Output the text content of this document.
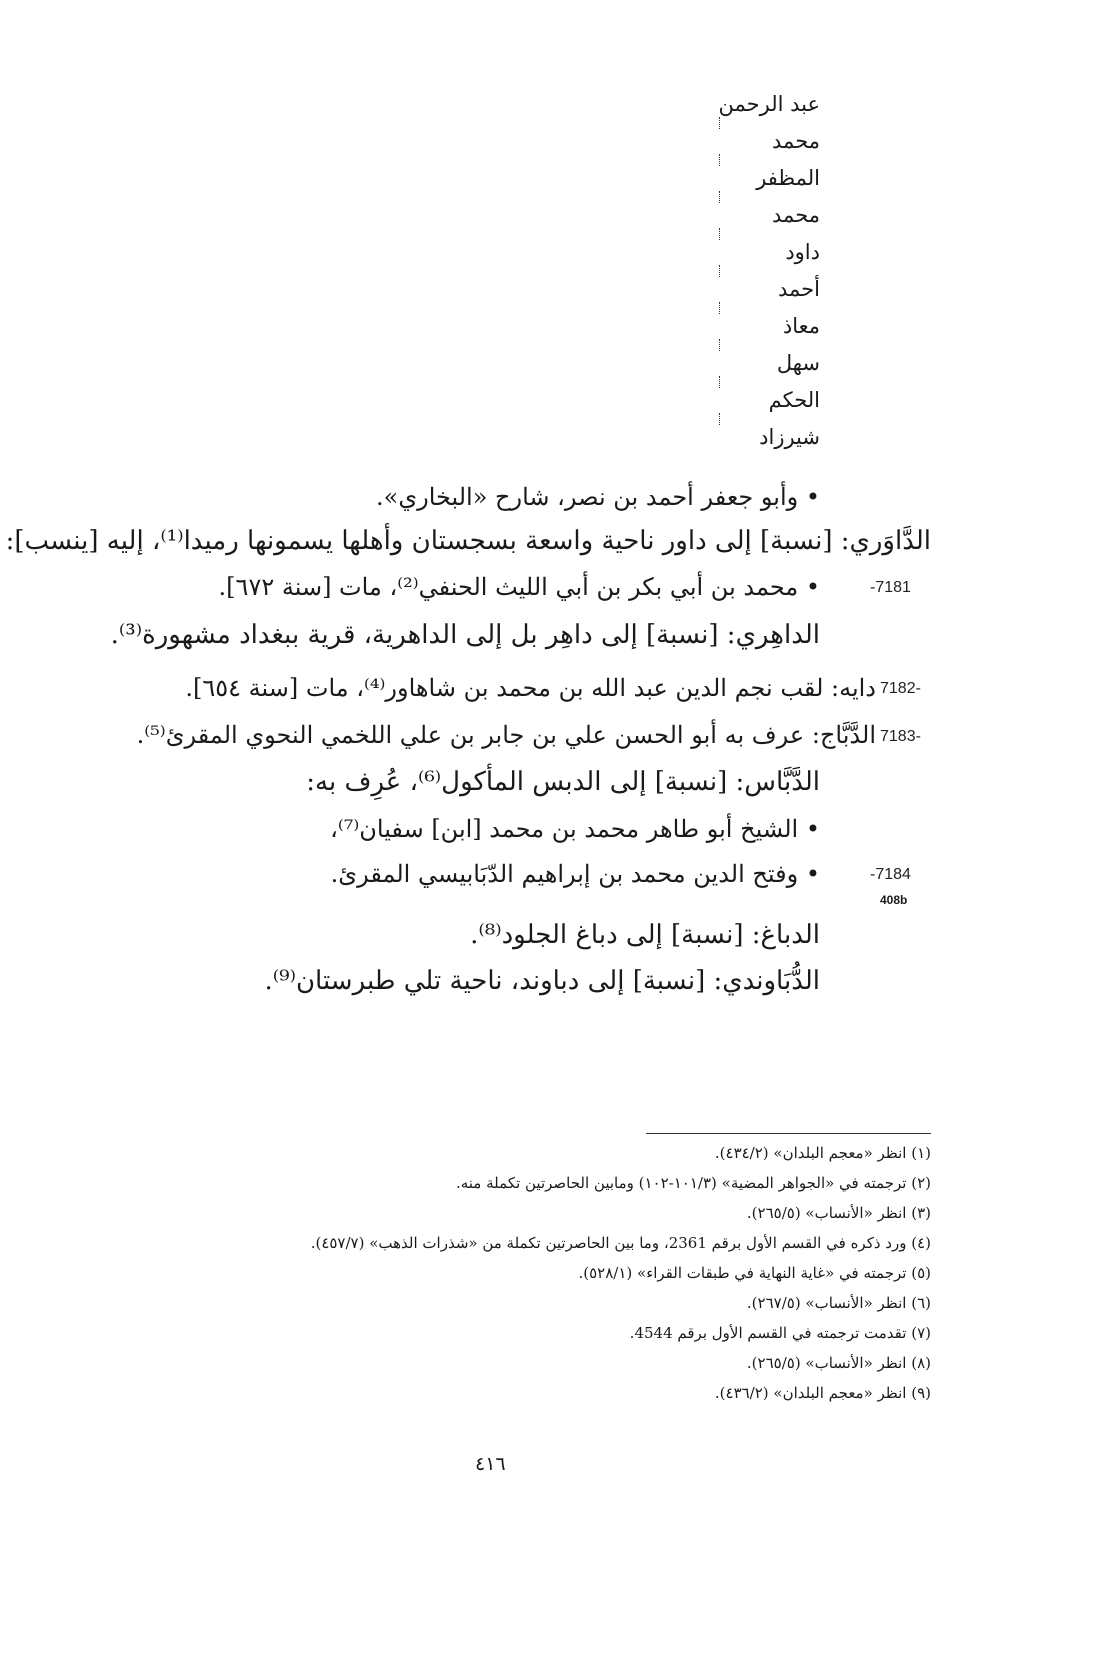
عبد الرحمن
محمد
المظفر
محمد
داود
أحمد
معاذ
سهل
الحكم
شيرزاد
• وأبو جعفر أحمد بن نصر، شارح «البخاري».
الدَّاوَري: [نسبة] إلى داور ناحية واسعة بسجستان وأهلها يسمونها رميدا⁽¹⁾، إليه [ينسب]:
-7181
• محمد بن أبي بكر بن أبي الليث الحنفي⁽²⁾، مات [سنة ٦٧٢].
الداهِري: [نسبة] إلى داهِر بل إلى الداهرية، قرية ببغداد مشهورة⁽³⁾.
7182-
دايه: لقب نجم الدين عبد الله بن محمد بن شاهاور⁽⁴⁾، مات [سنة ٦٥٤].
7183-
الدَّبَّاج: عرف به أبو الحسن علي بن جابر بن علي اللخمي النحوي المقرئ⁽⁵⁾.
الدَّبَّاس: [نسبة] إلى الدبس المأكول⁽⁶⁾، عُرِف به:
• الشيخ أبو طاهر محمد بن محمد [ابن] سفيان⁽⁷⁾،
-7184
• وفتح الدين محمد بن إبراهيم الدّبَابيسي المقرئ.
408b
الدباغ: [نسبة] إلى دباغ الجلود⁽⁸⁾.
الدُّبَاوندي: [نسبة] إلى دباوند، ناحية تلي طبرستان⁽⁹⁾.
(١) انظر «معجم البلدان» (٤٣٤/٢).
(٢) ترجمته في «الجواهر المضية» (١٠١/٣-١٠٢) ومابين الحاصرتين تكملة منه.
(٣) انظر «الأنساب» (٢٦٥/٥).
(٤) ورد ذكره في القسم الأول برقم 2361، وما بين الحاصرتين تكملة من «شذرات الذهب» (٤٥٧/٧).
(٥) ترجمته في «غاية النهاية في طبقات القراء» (٥٢٨/١).
(٦) انظر «الأنساب» (٢٦٧/٥).
(٧) تقدمت ترجمته في القسم الأول برقم 4544.
(٨) انظر «الأنساب» (٢٦٥/٥).
(٩) انظر «معجم البلدان» (٤٣٦/٢).
٤١٦
